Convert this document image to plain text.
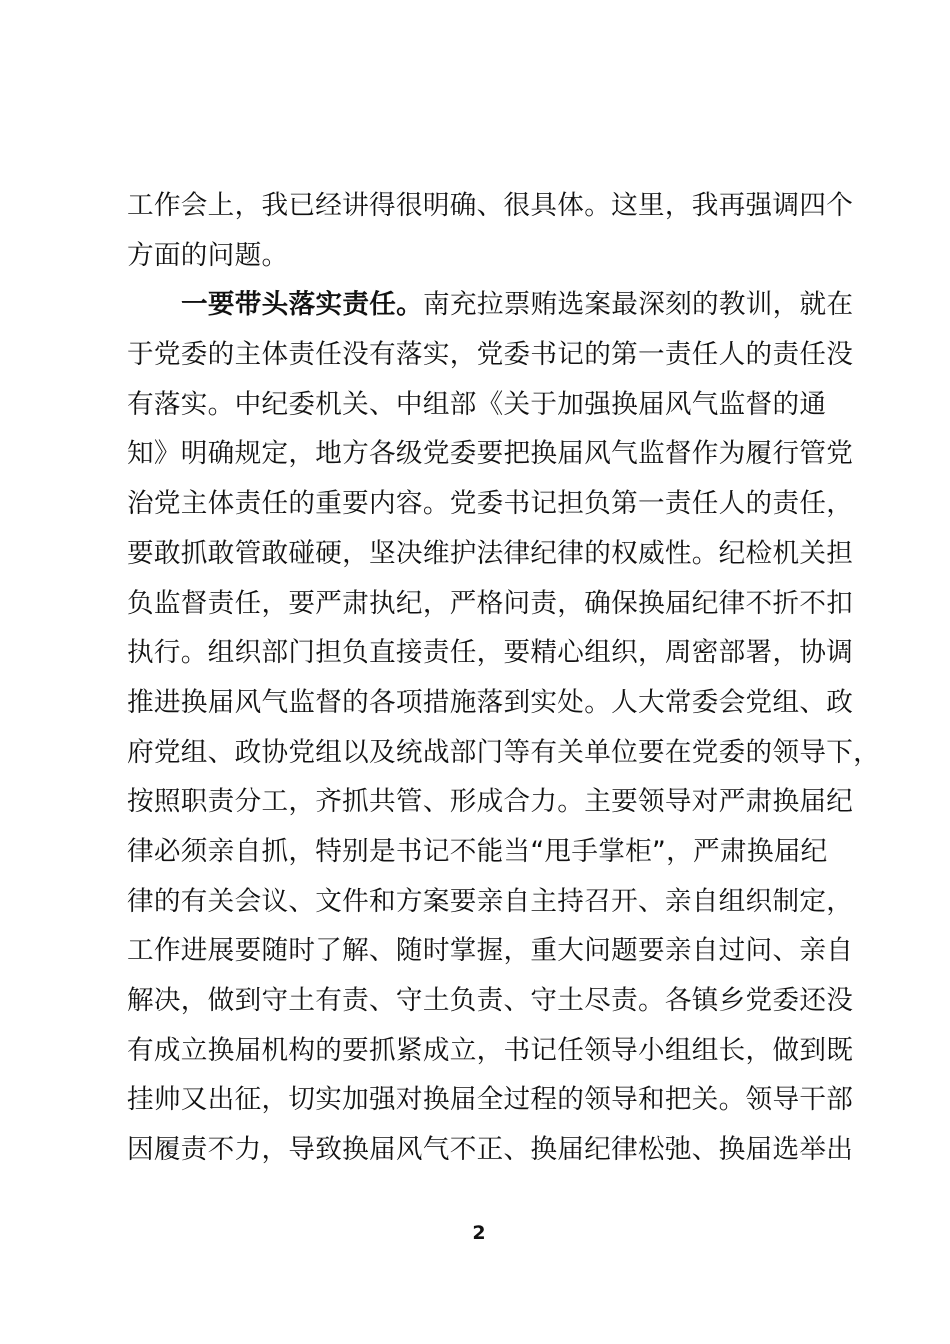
工作会上，我已经讲得很明确、很具体。这里，我再强调四个
方面的问题。
一要带头落实责任。南充拉票贿选案最深刻的教训，就在
于党委的主体责任没有落实，党委书记的第一责任人的责任没
有落实。中纪委机关、中组部《关于加强换届风气监督的通
知》明确规定，地方各级党委要把换届风气监督作为履行管党
治党主体责任的重要内容。党委书记担负第一责任人的责任，
要敢抓敢管敢碰硬，坚决维护法律纪律的权威性。纪检机关担
负监督责任，要严肃执纪，严格问责，确保换届纪律不折不扣
执行。组织部门担负直接责任，要精心组织，周密部署，协调
推进换届风气监督的各项措施落到实处。人大常委会党组、政
府党组、政协党组以及统战部门等有关单位要在党委的领导下，
按照职责分工，齐抓共管、形成合力。主要领导对严肃换届纪
律必须亲自抓，特别是书记不能当“甩手掌柜”，严肃换届纪
律的有关会议、文件和方案要亲自主持召开、亲自组织制定，
工作进展要随时了解、随时掌握，重大问题要亲自过问、亲自
解决，做到守土有责、守土负责、守土尽责。各镇乡党委还没
有成立换届机构的要抓紧成立，书记任领导小组组长，做到既
挂帅又出征，切实加强对换届全过程的领导和把关。领导干部
因履责不力，导致换届风气不正、换届纪律松弛、换届选举出
2
